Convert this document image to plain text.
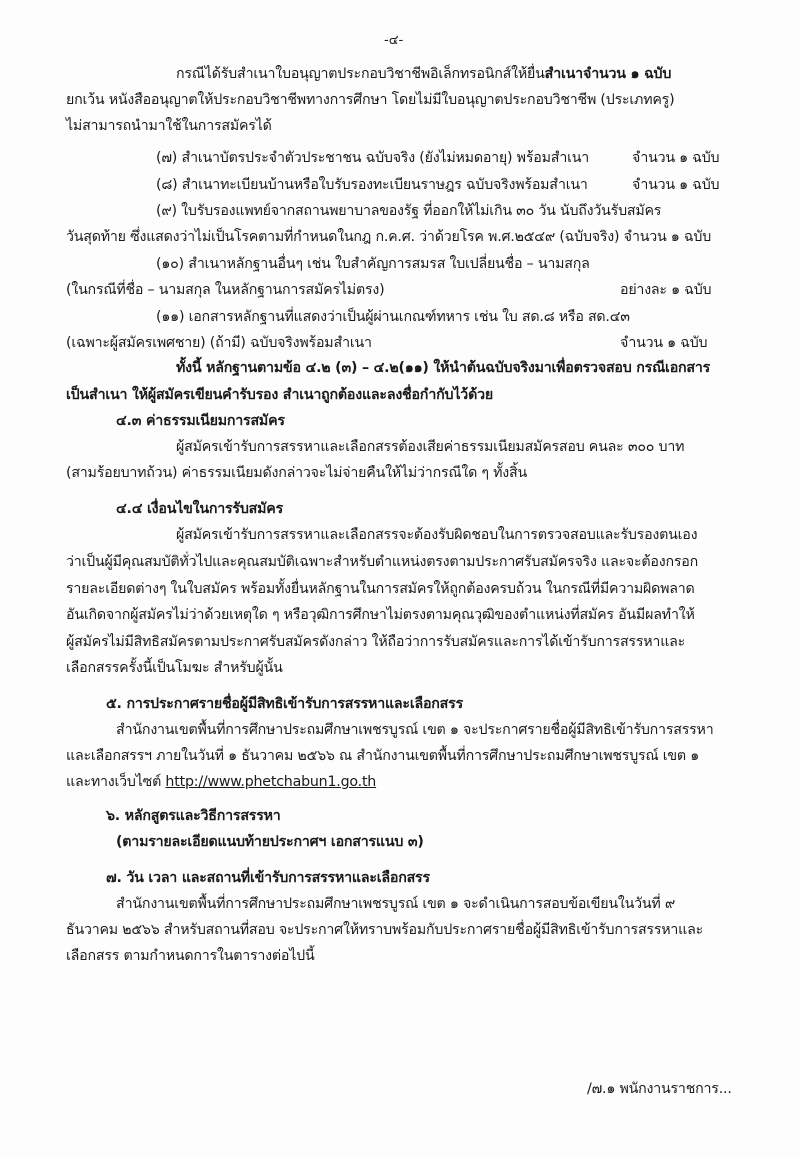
-๔-
กรณีได้รับสำเนาใบอนุญาตประกอบวิชาชีพอิเล็กทรอนิกส์ให้ยื่นสำเนาจำนวน ๑ ฉบับ
ยกเว้น หนังสืออนุญาตให้ประกอบวิชาชีพทางการศึกษา โดยไม่มีใบอนุญาตประกอบวิชาชีพ (ประเภทครู)
ไม่สามารถนำมาใช้ในการสมัครได้
(๗) สำเนาบัตรประจำตัวประชาชน ฉบับจริง (ยังไม่หมดอายุ) พร้อมสำเนา	จำนวน ๑ ฉบับ
(๘) สำเนาทะเบียนบ้านหรือใบรับรองทะเบียนราษฎร ฉบับจริงพร้อมสำเนา	จำนวน ๑ ฉบับ
(๙) ใบรับรองแพทย์จากสถานพยาบาลของรัฐ ที่ออกให้ไม่เกิน ๓๐ วัน นับถึงวันรับสมัคร
วันสุดท้าย ซึ่งแสดงว่าไม่เป็นโรคตามที่กำหนดในกฎ ก.ค.ศ. ว่าด้วยโรค พ.ศ.๒๕๔๙ (ฉบับจริง) จำนวน ๑ ฉบับ
(๑๐) สำเนาหลักฐานอื่นๆ เช่น ใบสำคัญการสมรส ใบเปลี่ยนชื่อ – นามสกุล
(ในกรณีที่ชื่อ – นามสกุล ในหลักฐานการสมัครไม่ตรง)	อย่างละ ๑ ฉบับ
(๑๑) เอกสารหลักฐานที่แสดงว่าเป็นผู้ผ่านเกณฑ์ทหาร เช่น ใบ สด.๘ หรือ สด.๔๓
(เฉพาะผู้สมัครเพศชาย) (ถ้ามี) ฉบับจริงพร้อมสำเนา	จำนวน ๑ ฉบับ
ทั้งนี้ หลักฐานตามข้อ ๔.๒ (๓) – ๔.๒(๑๑) ให้นำต้นฉบับจริงมาเพื่อตรวจสอบ กรณีเอกสาร
เป็นสำเนา ให้ผู้สมัครเขียนคำรับรอง สำเนาถูกต้องและลงชื่อกำกับไว้ด้วย
๔.๓ ค่าธรรมเนียมการสมัคร
ผู้สมัครเข้ารับการสรรหาและเลือกสรรต้องเสียค่าธรรมเนียมสมัครสอบ คนละ ๓๐๐ บาท
(สามร้อยบาทถ้วน) ค่าธรรมเนียมดังกล่าวจะไม่จ่ายคืนให้ไม่ว่ากรณีใด ๆ ทั้งสิ้น
๔.๔ เงื่อนไขในการรับสมัคร
ผู้สมัครเข้ารับการสรรหาและเลือกสรรจะต้องรับผิดชอบในการตรวจสอบและรับรองตนเอง
ว่าเป็นผู้มีคุณสมบัติทั่วไปและคุณสมบัติเฉพาะสำหรับตำแหน่งตรงตามประกาศรับสมัครจริง และจะต้องกรอก
รายละเอียดต่างๆ ในใบสมัคร พร้อมทั้งยื่นหลักฐานในการสมัครให้ถูกต้องครบถ้วน ในกรณีที่มีความผิดพลาด
อันเกิดจากผู้สมัครไม่ว่าด้วยเหตุใด ๆ หรือวุฒิการศึกษาไม่ตรงตามคุณวุฒิของตำแหน่งที่สมัคร อันมีผลทำให้
ผู้สมัครไม่มีสิทธิสมัครตามประกาศรับสมัครดังกล่าว ให้ถือว่าการรับสมัครและการได้เข้ารับการสรรหาและ
เลือกสรรครั้งนี้เป็นโมฆะ สำหรับผู้นั้น
๕. การประกาศรายชื่อผู้มีสิทธิเข้ารับการสรรหาและเลือกสรร
สำนักงานเขตพื้นที่การศึกษาประถมศึกษาเพชรบูรณ์ เขต ๑ จะประกาศรายชื่อผู้มีสิทธิเข้ารับการสรรหา
และเลือกสรรฯ ภายในวันที่ ๑ ธันวาคม ๒๕๖๖ ณ สำนักงานเขตพื้นที่การศึกษาประถมศึกษาเพชรบูรณ์ เขต ๑
และทางเว็บไซต์ http://www.phetchabun1.go.th
๖. หลักสูตรและวิธีการสรรหา
(ตามรายละเอียดแนบท้ายประกาศฯ เอกสารแนบ ๓)
๗. วัน เวลา และสถานที่เข้ารับการสรรหาและเลือกสรร
สำนักงานเขตพื้นที่การศึกษาประถมศึกษาเพชรบูรณ์ เขต ๑ จะดำเนินการสอบข้อเขียนในวันที่ ๙
ธันวาคม ๒๕๖๖ สำหรับสถานที่สอบ จะประกาศให้ทราบพร้อมกับประกาศรายชื่อผู้มีสิทธิเข้ารับการสรรหาและ
เลือกสรร ตามกำหนดการในตารางต่อไปนี้
/๗.๑ พนักงานราชการ...
